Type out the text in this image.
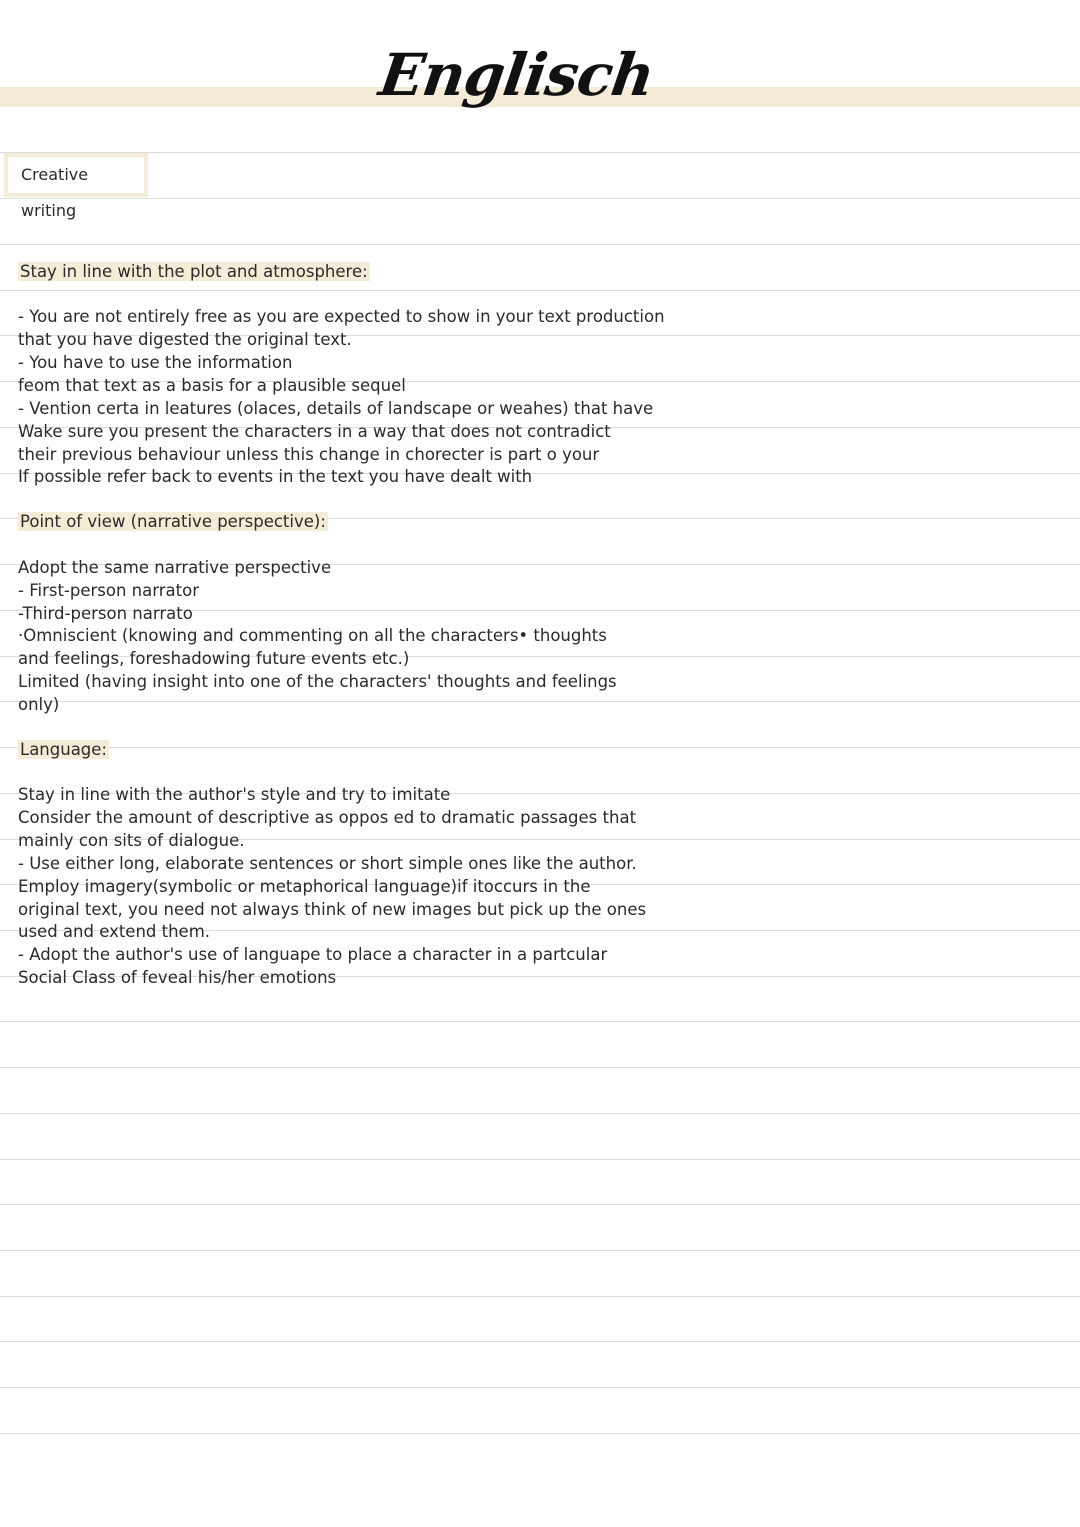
Englisch
Creative writing
Stay in line with the plot and atmosphere:
- You are not entirely free as you are expected to show in your text production
that you have digested the original text.
- You have to use the information
feom that text as a basis for a plausible sequel
- Vention certa in leatures (olaces, details of landscape or weahes) that have
Wake sure you present the characters in a way that does not contradict
their previous behaviour unless this change in chorecter is part o your
If possible refer back to events in the text you have dealt with
Point of view (narrative perspective):
Adopt the same narrative perspective
- First-person narrator
-Third-person narrato
·Omniscient (knowing and commenting on all the characters• thoughts
and feelings, foreshadowing future events etc.)
Limited (having insight into one of the characters' thoughts and feelings
only)
Language:
Stay in line with the author's style and try to imitate
Consider the amount of descriptive as oppos ed to dramatic passages that
mainly con sits of dialogue.
- Use either long, elaborate sentences or short simple ones like the author.
Employ imagery(symbolic or metaphorical language)if itoccurs in the
original text, you need not always think of new images but pick up the ones
used and extend them.
- Adopt the author's use of languape to place a character in a partcular
Social Class of feveal his/her emotions
